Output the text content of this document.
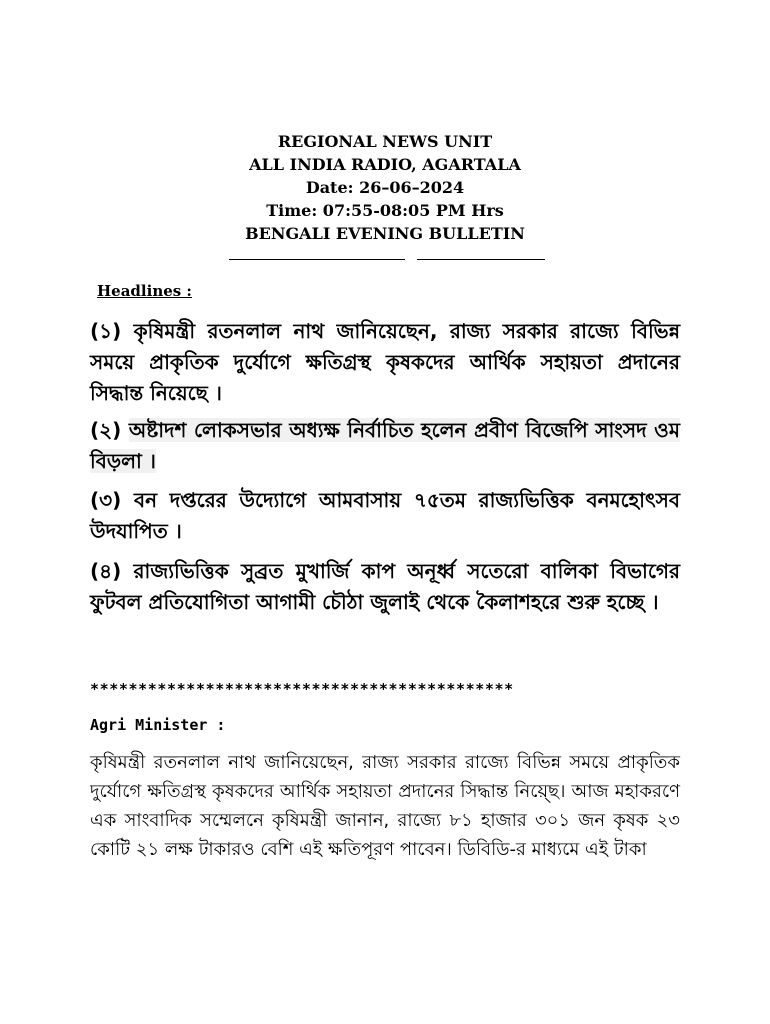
REGIONAL NEWS UNIT
ALL INDIA RADIO, AGARTALA
Date: 26–06–2024
Time: 07:55-08:05 PM Hrs
BENGALI EVENING BULLETIN
Headlines :
(১) কৃষিমন্ত্রী রতনলাল নাথ জানিয়েছেন, রাজ্য সরকার রাজ্যে বিভিন্ন সময়ে প্রাকৃতিক দুর্যোগে ক্ষতিগ্রস্থ কৃষকদের আর্থিক সহায়তা প্রদানের সিদ্ধান্ত নিয়েছে ।
(২) অষ্টাদশ লোকসভার অধ্যক্ষ নির্বাচিত হলেন প্রবীণ বিজেপি সাংসদ ওম বিড়লা ।
(৩) বন দপ্তরের উদ্যোগে আমবাসায় ৭৫তম রাজ্যভিত্তিক বনমহোৎসব উদযাপিত ।
(৪) রাজ্যভিত্তিক সুব্রত মুখার্জি কাপ অনূর্ধ্ব সতেরো বালিকা বিভাগের ফুটবল প্রতিযোগিতা আগামী চৌঠা জুলাই থেকে কৈলাশহরে শুরু হচ্ছে ।
********************************************
Agri Minister :
কৃষিমন্ত্রী রতনলাল নাথ জানিয়েছেন, রাজ্য সরকার রাজ্যে বিভিন্ন সময়ে প্রাকৃতিক দুর্যোগে ক্ষতিগ্রস্থ কৃষকদের আর্থিক সহায়তা প্রদানের সিদ্ধান্ত নিয়্ছে। আজ মহাকরণে এক সাংবাদিক সম্মেলনে কৃষিমন্ত্রী জানান, রাজ্যে ৮১ হাজার ৩০১ জন কৃষক ২৩ কোটি ২১ লক্ষ টাকারও বেশি এই ক্ষতিপূরণ পাবেন। ডিবিডি-র মাধ্যমে এই টাকা
